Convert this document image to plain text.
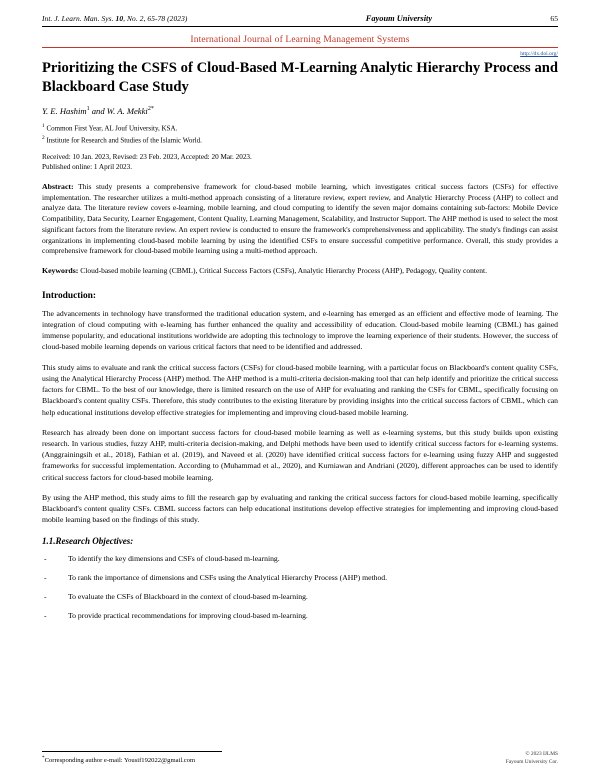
Int. J. Learn. Man. Sys. 10, No. 2, 65-78 (2023)	Fayoum University	65
International Journal of Learning Management Systems
http://dx.doi.org/
Prioritizing the CSFS of Cloud-Based M-Learning Analytic Hierarchy Process and Blackboard Case Study
Y. E. Hashim$^1$ and W. A. Mekki$^{2*}$
$^1$ Common First Year, AL Jouf University, KSA.
$^2$ Institute for Research and Studies of the Islamic World.
Received: 10 Jan. 2023, Revised: 23 Feb. 2023, Accepted: 20 Mar. 2023.
Published online: 1 April 2023.
Abstract: This study presents a comprehensive framework for cloud-based mobile learning, which investigates critical success factors (CSFs) for effective implementation. The researcher utilizes a multi-method approach consisting of a literature review, expert review, and Analytic Hierarchy Process (AHP) to collect and analyze data. The literature review covers e-learning, mobile learning, and cloud computing to identify the seven major domains containing sub-factors: Mobile Device Compatibility, Data Security, Learner Engagement, Content Quality, Learning Management, Scalability, and Instructor Support. The AHP method is used to select the most significant factors from the literature review. An expert review is conducted to ensure the framework's comprehensiveness and applicability. The study's findings can assist organizations in implementing cloud-based mobile learning by using the identified CSFs to ensure successful competitive performance. Overall, this study provides a comprehensive framework for cloud-based mobile learning using a multi-method approach.
Keywords: Cloud-based mobile learning (CBML), Critical Success Factors (CSFs), Analytic Hierarchy Process (AHP), Pedagogy, Quality content.
Introduction:

The advancements in technology have transformed the traditional education system, and e-learning has emerged as an efficient and effective mode of learning. The integration of cloud computing with e-learning has further enhanced the quality and accessibility of education. Cloud-based mobile learning (CBML) has gained immense popularity, and educational institutions worldwide are adopting this technology to improve the learning experience of their students. However, the success of cloud-based mobile learning depends on various critical factors that need to be identified and addressed.

This study aims to evaluate and rank the critical success factors (CSFs) for cloud-based mobile learning, with a particular focus on Blackboard's content quality CSFs, using the Analytical Hierarchy Process (AHP) method. The AHP method is a multi-criteria decision-making tool that can help identify and prioritize the critical success factors for CBML. To the best of our knowledge, there is limited research on the use of AHP for evaluating and ranking the CSFs for CBML, specifically focusing on Blackboard's content quality CSFs. Therefore, this study contributes to the existing literature by providing insights into the critical success factors of CBML, which can help educational institutions develop effective strategies for implementing and improving cloud-based mobile learning.

Research has already been done on important success factors for cloud-based mobile learning as well as e-learning systems, but this study builds upon existing research. In various studies, fuzzy AHP, multi-criteria decision-making, and Delphi methods have been used to identify critical success factors for e-learning systems. (Anggrainingsih et al., 2018), Fathian et al. (2019), and Naveed et al. (2020) have identified critical success factors for e-learning using fuzzy AHP and suggested frameworks for successful implementation. According to (Muhammad et al., 2020), and Kurniawan and Andriani (2020), different approaches can be used to identify critical success factors for cloud-based mobile learning.

By using the AHP method, this study aims to fill the research gap by evaluating and ranking the critical success factors for cloud-based mobile learning, specifically Blackboard's content quality CSFs. CBML success factors can help educational institutions develop effective strategies for implementing and improving cloud-based mobile learning based on the findings of this study.

1.1.Research Objectives:
- To identify the key dimensions and CSFs of cloud-based m-learning.
- To rank the importance of dimensions and CSFs using the Analytical Hierarchy Process (AHP) method.
- To evaluate the CSFs of Blackboard in the context of cloud-based m-learning.
- To provide practical recommendations for improving cloud-based m-learning.
*Corresponding author e-mail: Yousif192022@gmail.com
© 2023 IJLMS
Fayoum University Cor.
